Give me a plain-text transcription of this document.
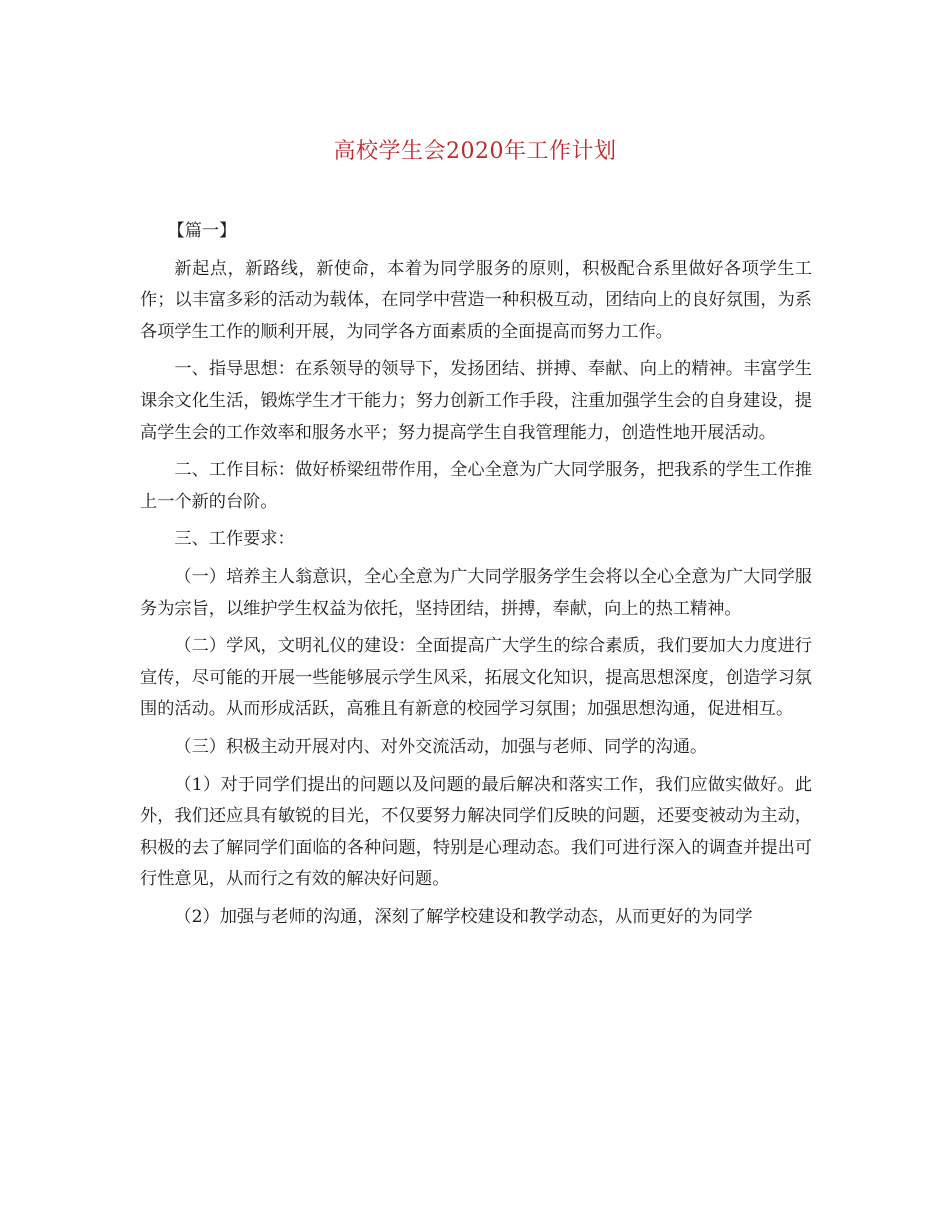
高校学生会2020年工作计划

【篇一】

新起点，新路线，新使命，本着为同学服务的原则，积极配合系里做好各项学生工作；以丰富多彩的活动为载体，在同学中营造一种积极互动，团结向上的良好氛围，为系各项学生工作的顺利开展，为同学各方面素质的全面提高而努力工作。

一、指导思想：在系领导的领导下，发扬团结、拼搏、奉献、向上的精神。丰富学生课余文化生活，锻炼学生才干能力；努力创新工作手段，注重加强学生会的自身建设，提高学生会的工作效率和服务水平；努力提高学生自我管理能力，创造性地开展活动。

二、工作目标：做好桥梁纽带作用，全心全意为广大同学服务，把我系的学生工作推上一个新的台阶。

三、工作要求：

（一）培养主人翁意识，全心全意为广大同学服务学生会将以全心全意为广大同学服务为宗旨，以维护学生权益为依托，坚持团结，拼搏，奉献，向上的热工精神。

（二）学风，文明礼仪的建设：全面提高广大学生的综合素质，我们要加大力度进行宣传，尽可能的开展一些能够展示学生风采，拓展文化知识，提高思想深度，创造学习氛围的活动。从而形成活跃，高雅且有新意的校园学习氛围；加强思想沟通，促进相互。

（三）积极主动开展对内、对外交流活动，加强与老师、同学的沟通。

（1）对于同学们提出的问题以及问题的最后解决和落实工作，我们应做实做好。此外，我们还应具有敏锐的目光，不仅要努力解决同学们反映的问题，还要变被动为主动，积极的去了解同学们面临的各种问题，特别是心理动态。我们可进行深入的调查并提出可行性意见，从而行之有效的解决好问题。

（2）加强与老师的沟通，深刻了解学校建设和教学动态，从而更好的为同学
